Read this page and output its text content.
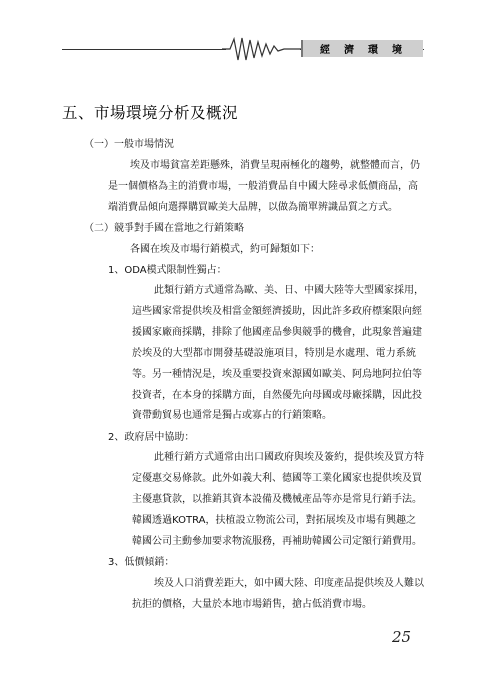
經濟環境
五、市場環境分析及概況
（一）一般市場情況
埃及市場貧富差距懸殊，消費呈現兩極化的趨勢，就整體而言，仍
是一個價格為主的消費市場，一般消費品自中國大陸尋求低價商品，高
端消費品傾向選擇購買歐美大品牌，以做為簡單辨識品質之方式。
（二）競爭對手國在當地之行銷策略
各國在埃及市場行銷模式，約可歸類如下：
1、ODA模式限制性獨占：
此類行銷方式通常為歐、美、日、中國大陸等大型國家採用，
這些國家常提供埃及相當金額經濟援助，因此許多政府標案限向經
援國家廠商採購，排除了他國產品參與競爭的機會，此現象普遍建
於埃及的大型都市開發基礎設施項目，特別是水處理、電力系統
等。另一種情況是，埃及重要投資來源國如歐美、阿烏地阿拉伯等
投資者，在本身的採購方面，自然優先向母國或母廠採購，因此投
資帶動貿易也通常是獨占或寡占的行銷策略。
2、政府居中協助：
此種行銷方式通常由出口國政府與埃及簽約，提供埃及買方特
定優惠交易條款。此外如義大利、德國等工業化國家也提供埃及買
主優惠貸款，以推銷其資本設備及機械產品等亦是常見行銷手法。
韓國透過KOTRA，扶植設立物流公司，對拓展埃及市場有興趣之
韓國公司主動參加要求物流服務，再補助韓國公司定額行銷費用。
3、低價傾銷：
埃及人口消費差距大，如中國大陸、印度產品提供埃及人難以
抗拒的價格，大量於本地市場銷售，搶占低消費市場。
25
